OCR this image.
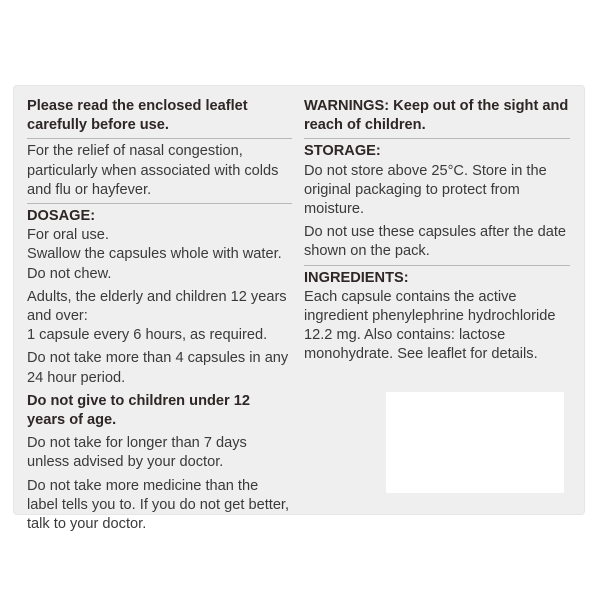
Please read the enclosed leaflet carefully before use.

For the relief of nasal congestion, particularly when associated with colds and flu or hayfever.

DOSAGE:

For oral use.

Swallow the capsules whole with water. Do not chew.

Adults, the elderly and children 12 years and over:

1 capsule every 6 hours, as required.

Do not take more than 4 capsules in any 24 hour period.

Do not give to children under 12 years of age.

Do not take for longer than 7 days unless advised by your doctor.

Do not take more medicine than the label tells you to. If you do not get better, talk to your doctor.

WARNINGS: Keep out of the sight and reach of children.

STORAGE:

Do not store above 25°C. Store in the original packaging to protect from moisture.

Do not use these capsules after the date shown on the pack.

INGREDIENTS:

Each capsule contains the active ingredient phenylephrine hydrochloride 12.2 mg. Also contains: lactose monohydrate. See leaflet for details.
